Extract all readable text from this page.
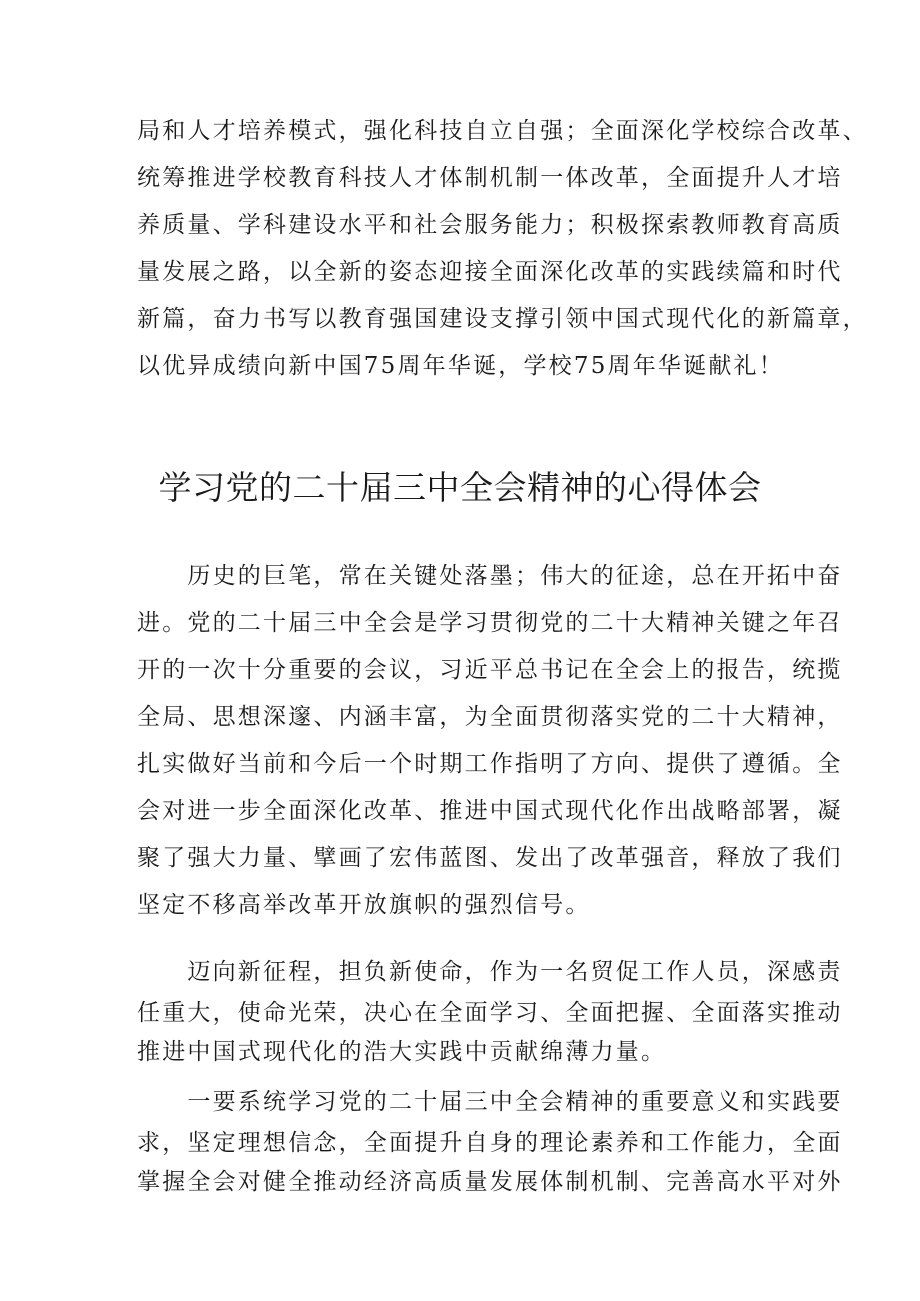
局和人才培养模式，强化科技自立自强；全面深化学校综合改革、
统筹推进学校教育科技人才体制机制一体改革，全面提升人才培
养质量、学科建设水平和社会服务能力；积极探索教师教育高质
量发展之路，以全新的姿态迎接全面深化改革的实践续篇和时代
新篇，奋力书写以教育强国建设支撑引领中国式现代化的新篇章，
以优异成绩向新中国75周年华诞，学校75周年华诞献礼！
学习党的二十届三中全会精神的心得体会
　　历史的巨笔，常在关键处落墨；伟大的征途，总在开拓中奋
进。党的二十届三中全会是学习贯彻党的二十大精神关键之年召
开的一次十分重要的会议，习近平总书记在全会上的报告，统揽
全局、思想深邃、内涵丰富，为全面贯彻落实党的二十大精神，
扎实做好当前和今后一个时期工作指明了方向、提供了遵循。全
会对进一步全面深化改革、推进中国式现代化作出战略部署，凝
聚了强大力量、擘画了宏伟蓝图、发出了改革强音，释放了我们
坚定不移高举改革开放旗帜的强烈信号。
　　迈向新征程，担负新使命，作为一名贸促工作人员，深感责
任重大，使命光荣，决心在全面学习、全面把握、全面落实推动
推进中国式现代化的浩大实践中贡献绵薄力量。
　　一要系统学习党的二十届三中全会精神的重要意义和实践要
求，坚定理想信念，全面提升自身的理论素养和工作能力，全面
掌握全会对健全推动经济高质量发展体制机制、完善高水平对外
